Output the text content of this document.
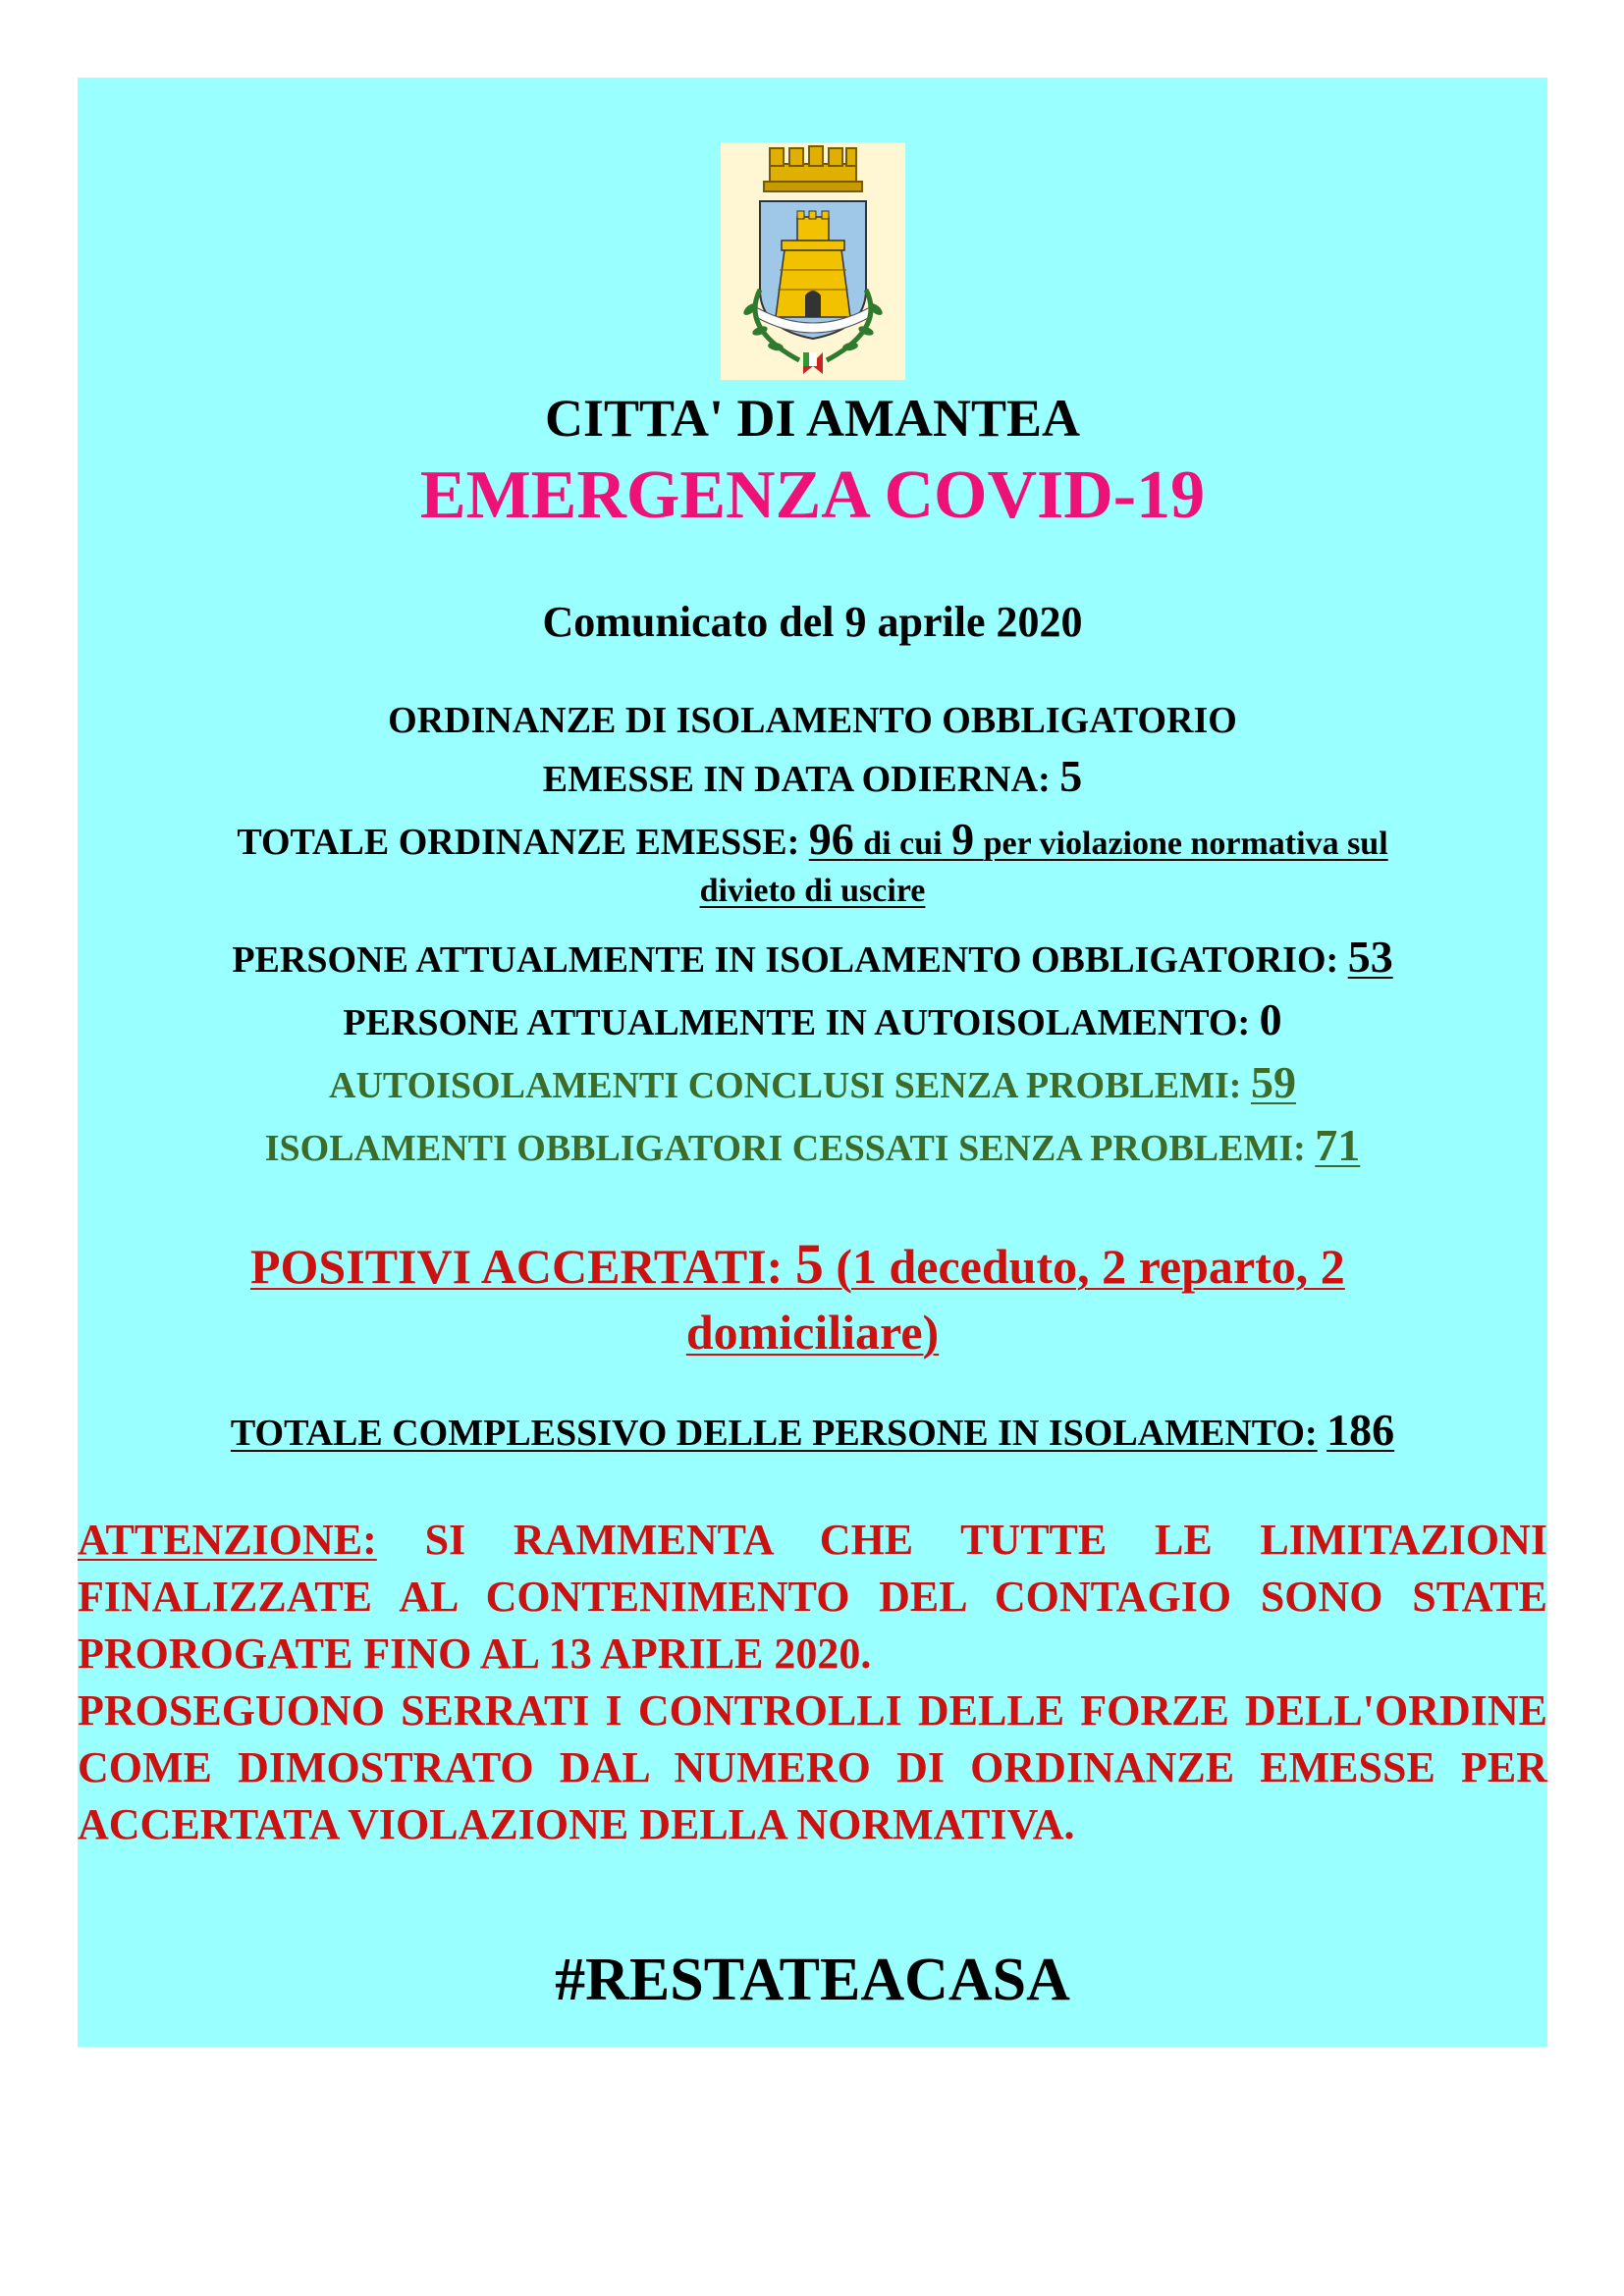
CITTA' DI AMANTEA

EMERGENZA COVID-19

Comunicato del 9 aprile 2020

ORDINANZE DI ISOLAMENTO OBBLIGATORIO

EMESSE IN DATA ODIERNA: 5

TOTALE ORDINANZE EMESSE: 96 di cui 9 per violazione normativa sul

divieto di uscire

PERSONE ATTUALMENTE IN ISOLAMENTO OBBLIGATORIO: 53

PERSONE ATTUALMENTE IN AUTOISOLAMENTO: 0

AUTOISOLAMENTI CONCLUSI SENZA PROBLEMI: 59

ISOLAMENTI OBBLIGATORI CESSATI SENZA PROBLEMI: 71

POSITIVI ACCERTATI: 5 (1 deceduto, 2 reparto, 2

domiciliare)

TOTALE COMPLESSIVO DELLE PERSONE IN ISOLAMENTO: 186

ATTENZIONE: SI RAMMENTA CHE TUTTE LE LIMITAZIONI FINALIZZATE AL CONTENIMENTO DEL CONTAGIO SONO STATE PROROGATE FINO AL 13 APRILE 2020.

PROSEGUONO SERRATI I CONTROLLI DELLE FORZE DELL'ORDINE COME DIMOSTRATO DAL NUMERO DI ORDINANZE EMESSE PER ACCERTATA VIOLAZIONE DELLA NORMATIVA.

#RESTATEACASA
